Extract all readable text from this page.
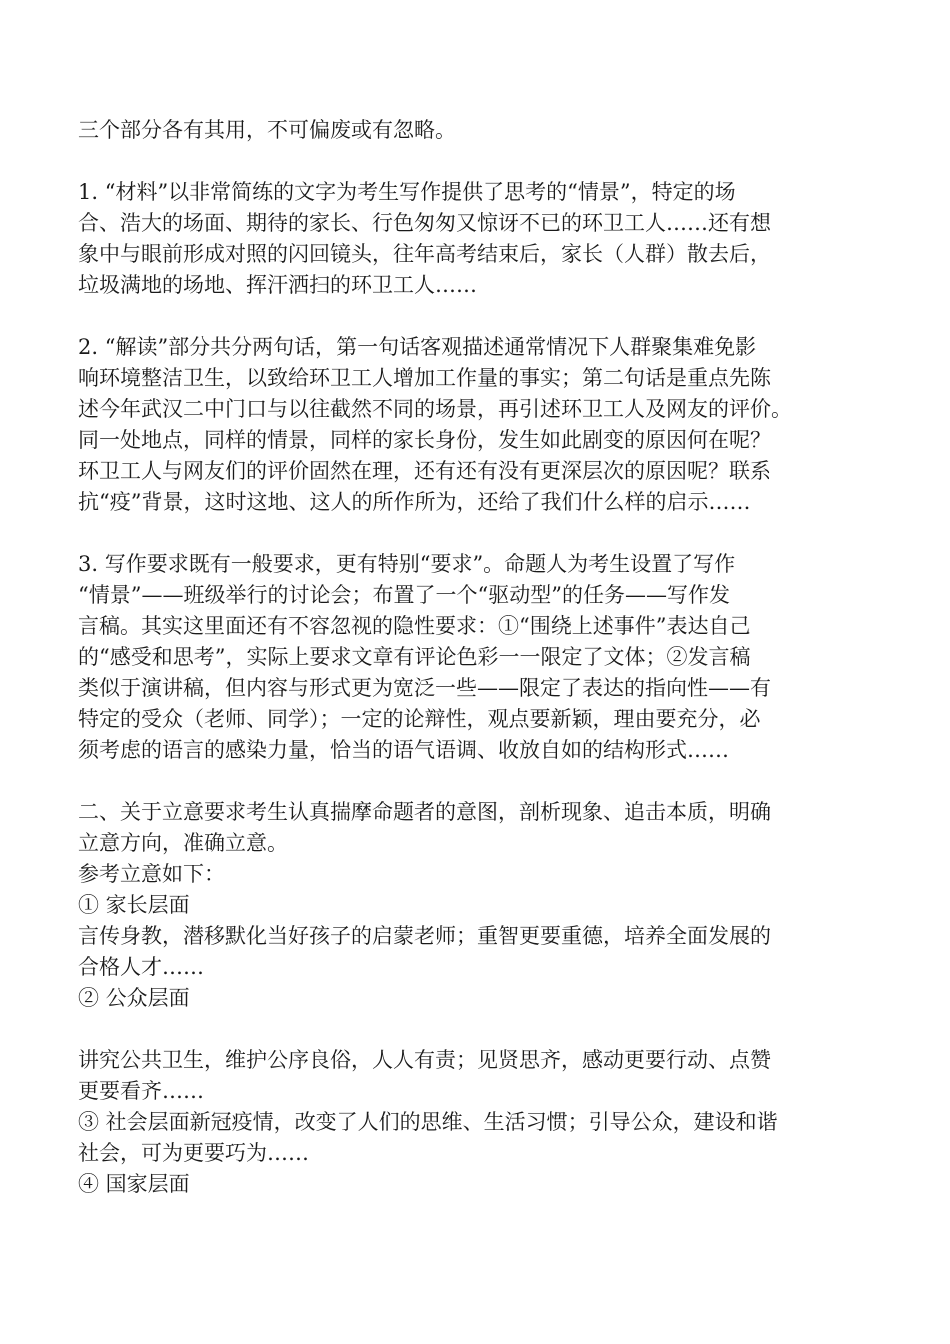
三个部分各有其用，不可偏废或有忽略。
1. “材料”以非常简练的文字为考生写作提供了思考的“情景”，特定的场
合、浩大的场面、期待的家长、行色匆匆又惊讶不已的环卫工人……还有想
象中与眼前形成对照的闪回镜头，往年高考结束后，家长（人群）散去后，
垃圾满地的场地、挥汗洒扫的环卫工人……
2. “解读”部分共分两句话，第一句话客观描述通常情况下人群聚集难免影
响环境整洁卫生，以致给环卫工人增加工作量的事实；第二句话是重点先陈
述今年武汉二中门口与以往截然不同的场景，再引述环卫工人及网友的评价。
同一处地点，同样的情景，同样的家长身份，发生如此剧变的原因何在呢？
环卫工人与网友们的评价固然在理，还有还有没有更深层次的原因呢？联系
抗“疫”背景，这时这地、这人的所作所为，还给了我们什么样的启示……
3. 写作要求既有一般要求，更有特别“要求”。命题人为考生设置了写作
“情景”——班级举行的讨论会；布置了一个“驱动型”的任务——写作发
言稿。其实这里面还有不容忽视的隐性要求：①“围绕上述事件”表达自己
的“感受和思考”，实际上要求文章有评论色彩一一限定了文体；②发言稿
类似于演讲稿，但内容与形式更为宽泛一些——限定了表达的指向性——有
特定的受众（老师、同学）；一定的论辩性，观点要新颖，理由要充分，必
须考虑的语言的感染力量，恰当的语气语调、收放自如的结构形式……
二、关于立意要求考生认真揣摩命题者的意图，剖析现象、追击本质，明确
立意方向，准确立意。
参考立意如下：
① 家长层面
言传身教，潜移默化当好孩子的启蒙老师；重智更要重德，培养全面发展的
合格人才……
② 公众层面
讲究公共卫生，维护公序良俗，人人有责；见贤思齐，感动更要行动、点赞
更要看齐……
③ 社会层面新冠疫情，改变了人们的思维、生活习惯；引导公众，建设和谐
社会，可为更要巧为……
④ 国家层面
